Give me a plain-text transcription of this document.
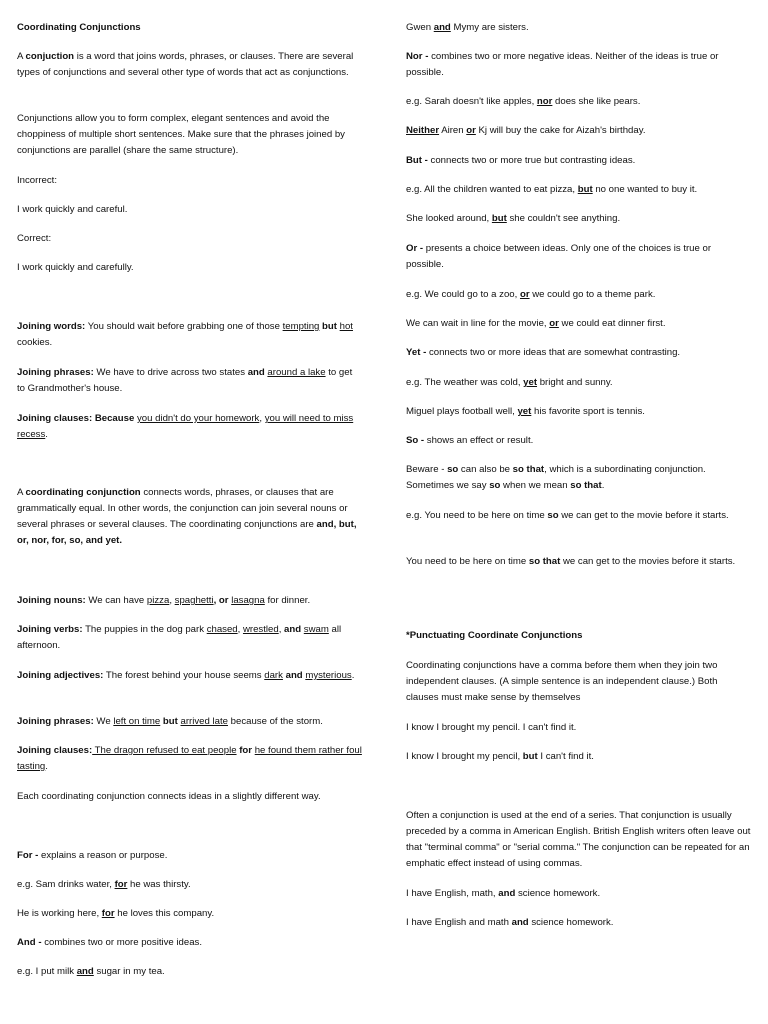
Coordinating Conjunctions

A conjuction is a word that joins words, phrases, or clauses. There are several types of conjunctions and several other type of words that act as conjunctions.

Conjunctions allow you to form complex, elegant sentences and avoid the choppiness of multiple short sentences. Make sure that the phrases joined by conjunctions are parallel (share the same structure).

Incorrect:

I work quickly and careful.

Correct:

I work quickly and carefully.

Joining words: You should wait before grabbing one of those tempting but hot cookies.

Joining phrases: We have to drive across two states and around a lake to get to Grandmother's house.

Joining clauses: Because you didn't do your homework, you will need to miss recess.

A coordinating conjunction connects words, phrases, or clauses that are grammatically equal. In other words, the conjunction can join several nouns or several phrases or several clauses. The coordinating conjunctions are and, but, or, nor, for, so, and yet.

Joining nouns: We can have pizza, spaghetti, or lasagna for dinner.

Joining verbs: The puppies in the dog park chased, wrestled, and swam all afternoon.

Joining adjectives: The forest behind your house seems dark and mysterious.

Joining phrases: We left on time but arrived late because of the storm.

Joining clauses: The dragon refused to eat people for he found them rather foul tasting.

Each coordinating conjunction connects ideas in a slightly different way.

For - explains a reason or purpose.

e.g. Sam drinks water, for he was thirsty.

He is working here, for he loves this company.

And - combines two or more positive ideas.

e.g. I put milk and sugar in my tea.

Gwen and Mymy are sisters.

Nor - combines two or more negative ideas. Neither of the ideas is true or possible.

e.g. Sarah doesn't like apples, nor does she like pears.

Neither Airen or Kj will buy the cake for Aizah's birthday.

But - connects two or more true but contrasting ideas.

e.g. All the children wanted to eat pizza, but no one wanted to buy it.

She looked around, but she couldn't see anything.

Or - presents a choice between ideas. Only one of the choices is true or possible.

e.g. We could go to a zoo, or we could go to a theme park.

We can wait in line for the movie, or we could eat dinner first.

Yet - connects two or more ideas that are somewhat contrasting.

e.g. The weather was cold, yet bright and sunny.

Miguel plays football well, yet his favorite sport is tennis.

So - shows an effect or result.

Beware - so can also be so that, which is a subordinating conjunction. Sometimes we say so when we mean so that.

e.g. You need to be here on time so we can get to the movie before it starts.

You need to be here on time so that we can get to the movies before it starts.

*Punctuating Coordinate Conjunctions

Coordinating conjunctions have a comma before them when they join two independent clauses. (A simple sentence is an independent clause.) Both clauses must make sense by themselves

I know I brought my pencil. I can't find it.

I know I brought my pencil, but I can't find it.

Often a conjunction is used at the end of a series. That conjunction is usually preceded by a comma in American English. British English writers often leave out that "terminal comma" or "serial comma." The conjunction can be repeated for an emphatic effect instead of using commas.

I have English, math, and science homework.

I have English and math and science homework.
